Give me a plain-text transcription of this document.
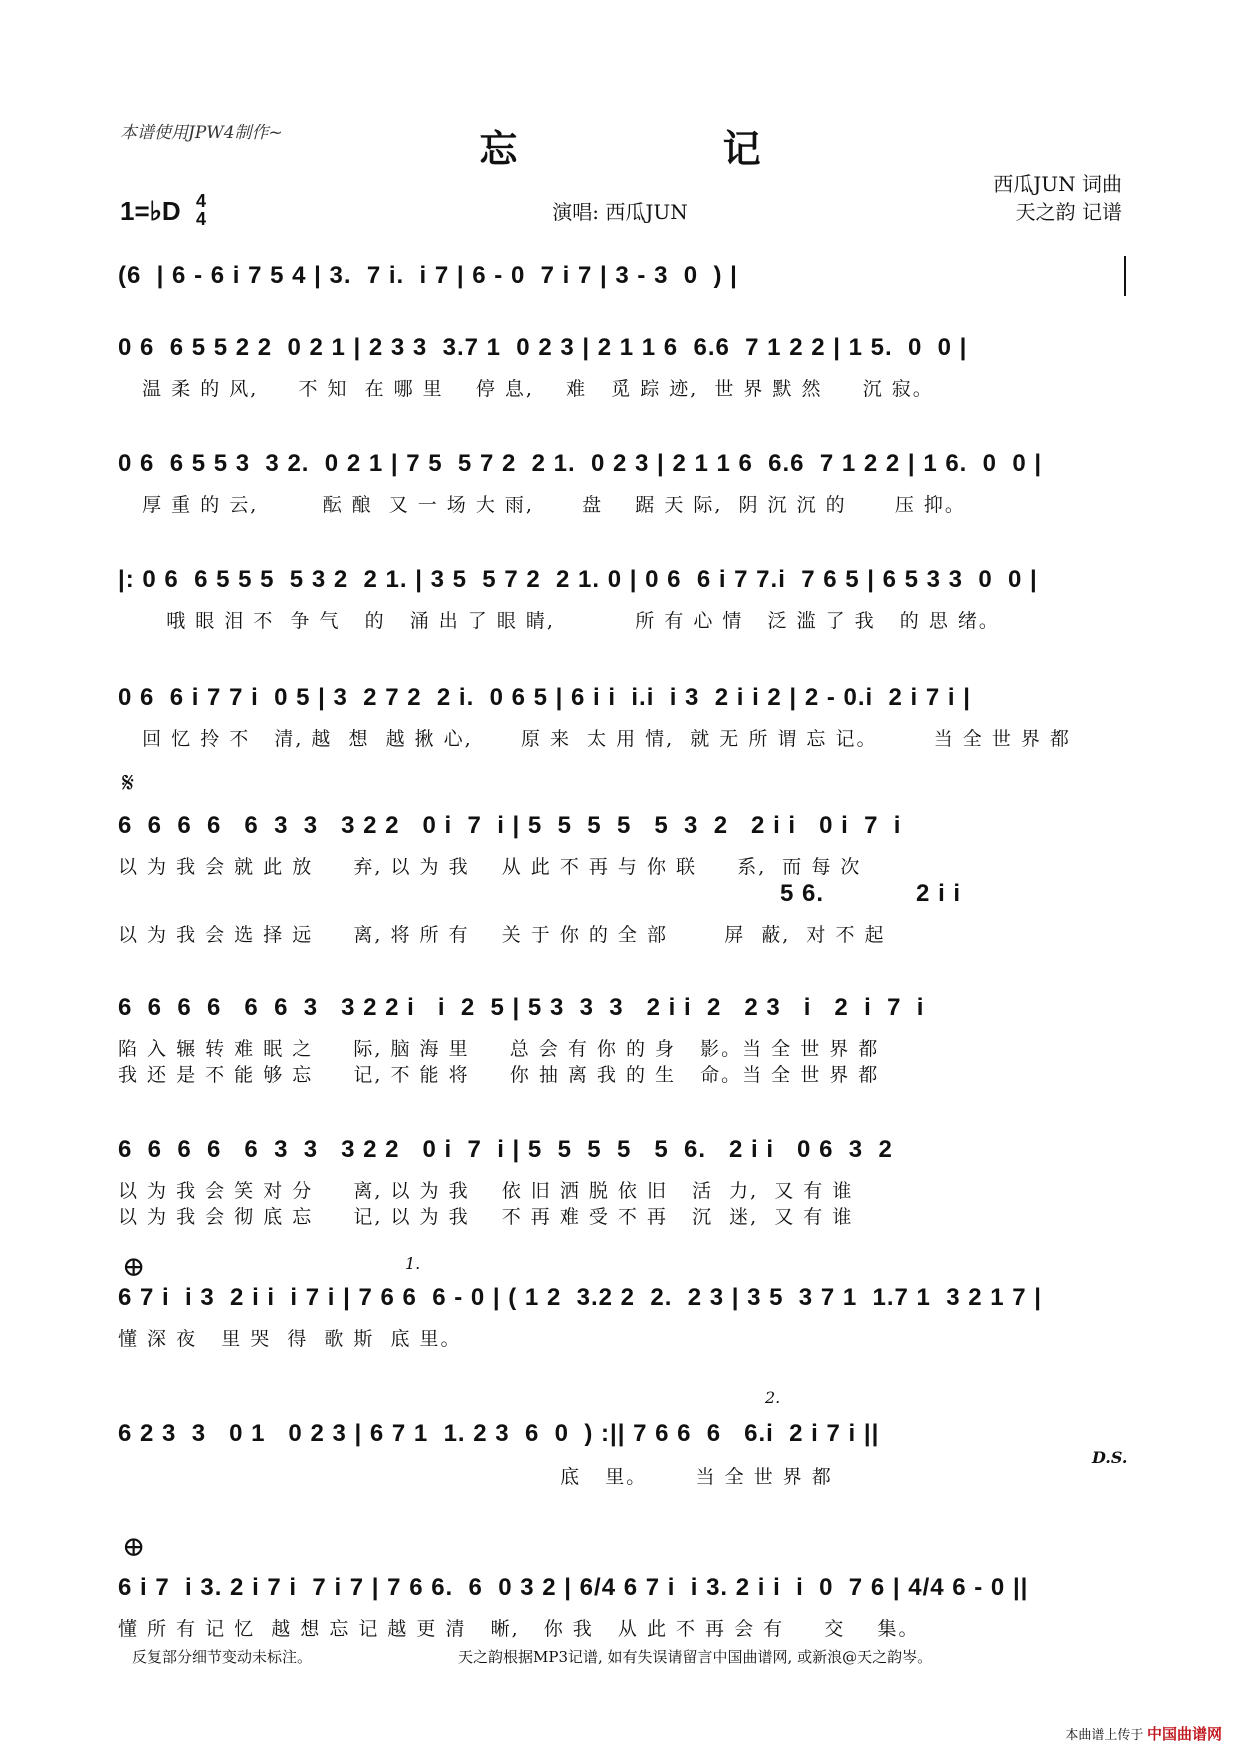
本谱使用JPW4制作~	忘 记
西瓜JUN 词曲
天之韵 记谱
1=♭D 4
4	演唱: 西瓜JUN
(6  | 6 - 6 i 7 5 4 | 3.  7 i.  i 7 | 6 - 0  7 i 7 | 3 - 3  0  ) |
0 6  6 5 5 2 2  0 2 1 | 2 3 3  3.7 1  0 2 3 | 2 1 1 6  6.6  7 1 2 2 | 1 5.  0  0 |
温 柔 的 风,     不 知  在 哪 里    停 息,    难   觅 踪 迹,  世 界 默 然     沉 寂。
0 6  6 5 5 3  3 2.  0 2 1 | 7 5  5 7 2  2 1.  0 2 3 | 2 1 1 6  6.6  7 1 2 2 | 1 6.  0  0 |
厚 重 的 云,        酝 酿  又 一 场 大 雨,      盘    踞 天 际,  阴 沉 沉 的      压 抑。
|: 0 6  6 5 5 5  5 3 2  2 1. | 3 5  5 7 2  2 1. 0 | 0 6  6 i 7 7.i  7 6 5 | 6 5 3 3  0  0 |
哦 眼 泪 不  争 气   的   涌 出 了 眼 睛,          所 有 心 情   泛 滥 了 我   的 思 绪。
0 6  6 i 7 7 i  0 5 | 3  2 7 2  2 i.  0 6 5 | 6 i i  i.i  i 3  2 i i 2 | 2 - 0.i  2 i 7 i |
回 忆 拎 不   清, 越  想  越 揪 心,      原 来  太 用 情,  就 无 所 谓 忘 记。       当 全 世 界 都
𝄋
6  6  6  6   6  3  3   3 2 2   0 i  7  i | 5  5  5  5   5  3  2   2 i i   0 i  7  i
以 为 我 会 就 此 放     弃, 以 为 我    从 此 不 再 与 你 联     系,  而 每 次
5 6.            2 i i
以 为 我 会 选 择 远     离, 将 所 有    关 于 你 的 全 部       屏  蔽,  对 不 起
6  6  6  6   6  6  3   3 2 2 i   i  2  5 | 5 3  3  3   2 i i  2   2 3   i   2  i  7  i
陷 入 辗 转 难 眠 之     际, 脑 海 里     总 会 有 你 的 身   影。当 全 世 界 都
我 还 是 不 能 够 忘     记, 不 能 将     你 抽 离 我 的 生   命。当 全 世 界 都
6  6  6  6   6  3  3   3 2 2   0 i  7  i | 5  5  5  5   5  6.   2 i i   0 6  3  2
以 为 我 会 笑 对 分     离, 以 为 我    依 旧 洒 脱 依 旧   活  力,  又 有 谁
以 为 我 会 彻 底 忘     记, 以 为 我    不 再 难 受 不 再   沉  迷,  又 有 谁
⊕	1.
6 7 i  i 3  2 i i  i 7 i | 7 6 6  6 - 0 | ( 1 2  3.2 2  2.  2 3 | 3 5  3 7 1  1.7 1  3 2 1 7 |
懂 深 夜   里 哭  得  歌 斯  底 里。
2.
6 2 3  3   0 1   0 2 3 | 6 7 1  1. 2 3  6  0  ) :|| 7 6 6  6   6.i  2 i 7 i ||
底   里。      当 全 世 界 都
D.S.
⊕
6 i 7  i 3. 2 i 7 i  7 i 7 | 7 6 6.  6  0 3 2 | 6/4 6 7 i  i 3. 2 i i  i  0  7 6 | 4/4 6 - 0 ||
懂 所 有 记 忆  越 想 忘 记 越 更 清   晰,   你 我   从 此 不 再 会 有     交    集。
反复部分细节变动未标注。	天之韵根据MP3记谱, 如有失误请留言中国曲谱网, 或新浪@天之韵岑。
本曲谱上传于 中国曲谱网
